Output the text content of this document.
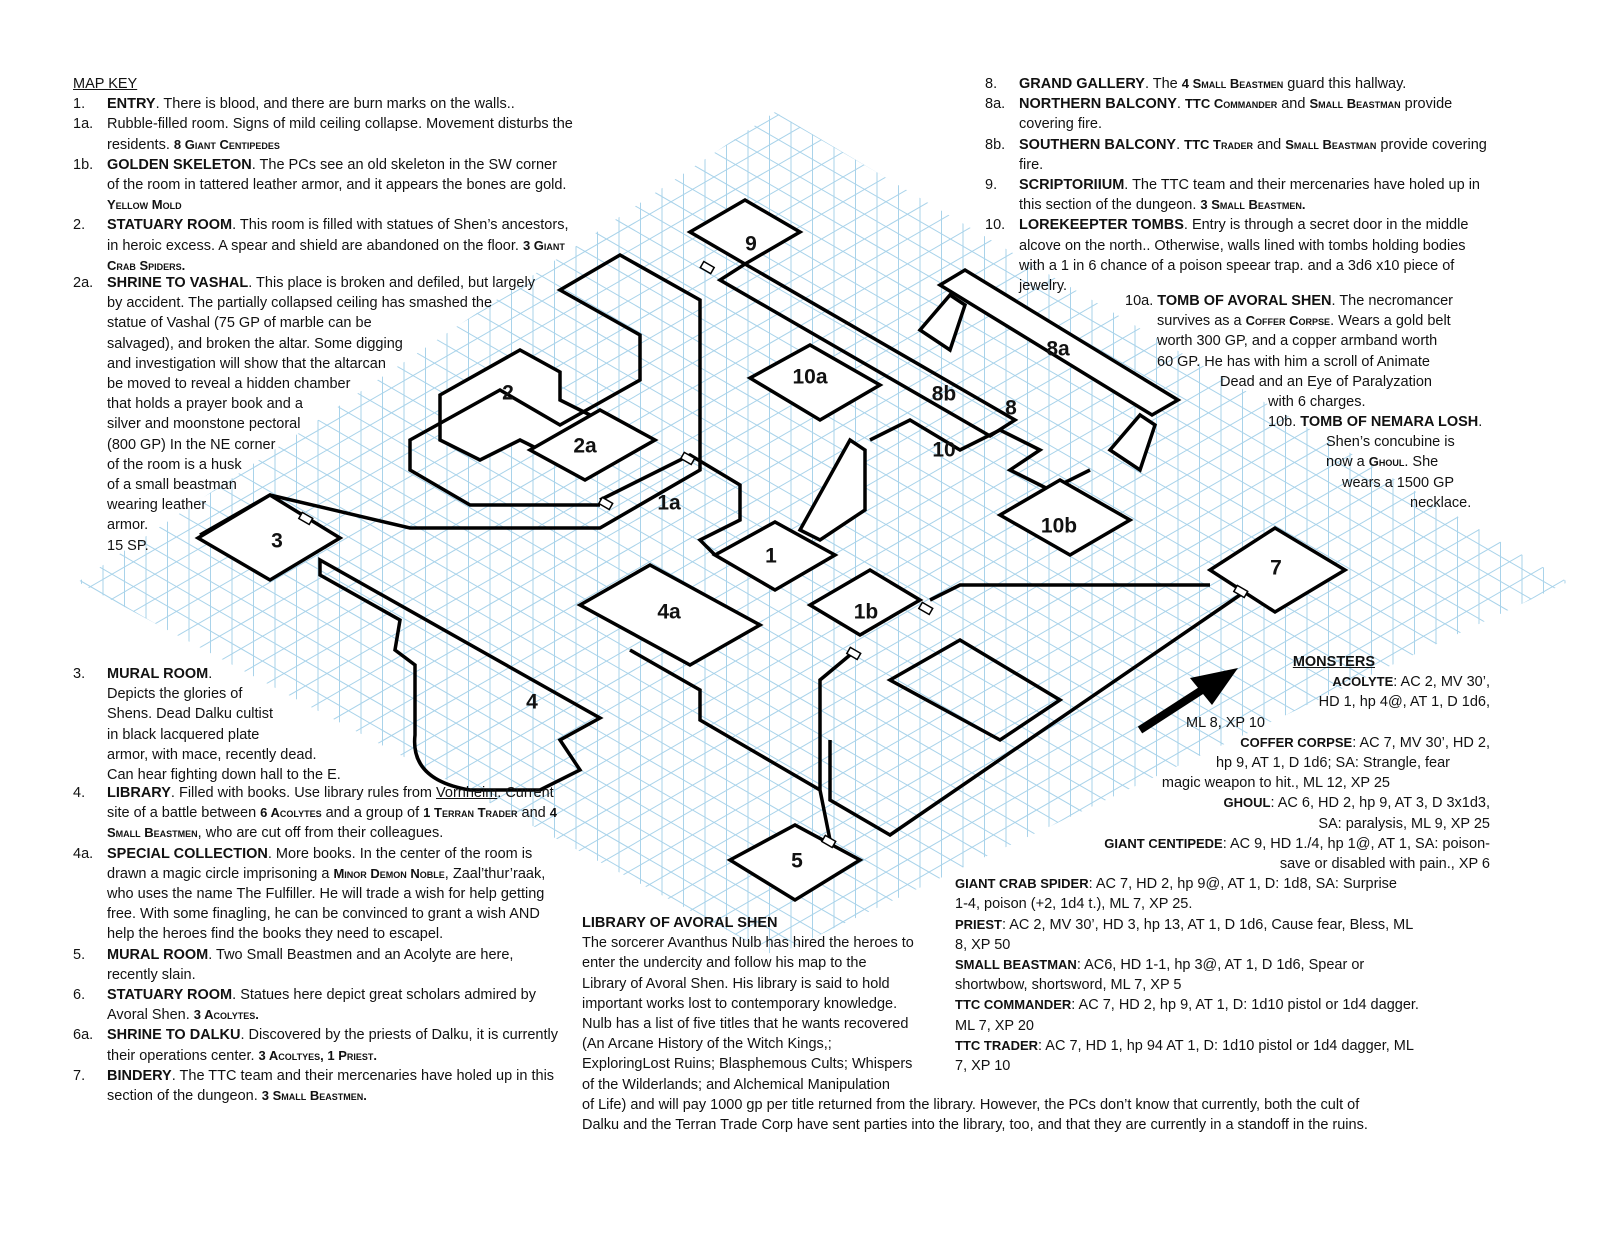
9
8a
10a
8b
8
10
2
2a
1a
3
1
10b
7
4a	1b
4
5

MAP KEY

1.	ENTRY. There is blood, and there are burn marks on the walls..
1a. Rubble-filled room. Signs of mild ceiling collapse. Movement disturbs the residents. 8 Giant Centipedes
1b. GOLDEN SKELETON. The PCs see an old skeleton in the SW corner of the room in tattered leather armor, and it appears the bones are gold. Yellow Mold
2.	STATUARY ROOM. This room is filled with statues of Shen’s ancestors, in heroic excess. A spear and shield are abandoned on the floor. 3 Giant Crab Spiders.
2a. SHRINE TO VASHAL. This place is broken and defiled, but largely

by accident. The partially collapsed ceiling has smashed the

statue of Vashal (75 GP of marble can be

salvaged), and broken the altar. Some digging

and investigation will show that the altarcan

be moved to reveal a hidden chamber

that holds a prayer book and a

silver and moonstone pectoral

(800 GP) In the NE corner

of the room is a husk

of a small beastman

wearing leather

armor.

15 SP.

3.	MURAL ROOM.

Depicts the glories of

Shens. Dead Dalku cultist

in black lacquered plate

armor, with mace, recently dead.

Can hear fighting down hall to the E.

4.	LIBRARY. Filled with books. Use library rules from Vornheim. Current site of a battle between 6 Acolytes and a group of 1 Terran Trader and 4 Small Beastmen, who are cut off from their colleagues.
4a. SPECIAL COLLECTION. More books. In the center of the room is drawn a magic circle imprisoning a Minor Demon Noble, Zaal’thur’raak, who uses the name The Fulfiller. He will trade a wish for help getting free. With some finagling, he can be convinced to grant a wish AND help the heroes find the books they need to escapel.
5.	MURAL ROOM. Two Small Beastmen and an Acolyte are here, recently slain.
6.	STATUARY ROOM. Statues here depict great scholars admired by Avoral Shen. 3 Acolytes.
6a. SHRINE TO DALKU. Discovered by the priests of Dalku, it is currently their operations center. 3 Acoltyes, 1 Priest.
7.	BINDERY. The TTC team and their mercenaries have holed up in this section of the dungeon. 3 Small Beastmen.
8.	GRAND GALLERY. The 4 Small Beastmen guard this hallway.
8a. NORTHERN BALCONY. TTC Commander and Small Beastman provide covering fire.
8b. SOUTHERN BALCONY. TTC Trader and Small Beastman provide covering fire.
9.	SCRIPTORIIUM. The TTC team and their mercenaries have holed up in this section of the dungeon. 3 Small Beastmen.
10. LOREKEEPTER TOMBS. Entry is through a secret door in the middle alcove on the north.. Otherwise, walls lined with tombs holding bodies with a 1 in 6 chance of a poison speear trap. and a 3d6 x10 piece of jewelry.

10a. TOMB OF AVORAL SHEN. The necromancer

survives as a Coffer Corpse. Wears a gold belt

worth 300 GP, and a copper armband worth

60 GP. He has with him a scroll of Animate

Dead and an Eye of Paralyzation

with 6 charges.

10b. TOMB OF NEMARA LOSH.

Shen’s concubine is

now a Ghoul. She

wears a 1500 GP

necklace.

MONSTERS

ACOLYTE: AC 2, MV 30’,

HD 1, hp 4@, AT 1, D 1d6,

ML 8, XP 10

COFFER CORPSE: AC 7, MV 30’, HD 2,

hp 9, AT 1, D 1d6; SA: Strangle, fear

magic weapon to hit., ML 12, XP 25

GHOUL: AC 6, HD 2, hp 9, AT 3, D 3x1d3,

SA: paralysis, ML 9, XP 25

GIANT CENTIPEDE: AC 9, HD 1./4, hp 1@, AT 1, SA: poison-

save or disabled with pain., XP 6

GIANT CRAB SPIDER: AC 7, HD 2, hp 9@, AT 1, D: 1d8, SA: Surprise

1-4, poison (+2, 1d4 t.), ML 7, XP 25.

PRIEST: AC 2, MV 30’, HD 3, hp 13, AT 1, D 1d6, Cause fear, Bless, ML

8, XP 50

SMALL BEASTMAN: AC6, HD 1-1, hp 3@, AT 1, D 1d6, Spear or

shortwbow, shortsword, ML 7, XP 5

TTC COMMANDER: AC 7, HD 2, hp 9, AT 1, D: 1d10 pistol or 1d4 dagger.

ML 7, XP 20

TTC TRADER: AC 7, HD 1, hp 94 AT 1, D: 1d10 pistol or 1d4 dagger, ML

7, XP 10

LIBRARY OF AVORAL SHEN

The sorcerer Avanthus Nulb has hired the heroes to

enter the undercity and follow his map to the

Library of Avoral Shen. His library is said to hold

important works lost to contemporary knowledge.

Nulb has a list of five titles that he wants recovered

(An Arcane History of the Witch Kings,;

ExploringLost Ruins; Blasphemous Cults; Whispers

of the Wilderlands; and Alchemical Manipulation

of Life) and will pay 1000 gp per title returned from the library. However, the PCs don’t know that currently, both the cult of

Dalku and the Terran Trade Corp have sent parties into the library, too, and that they are currently in a standoff in the ruins.
